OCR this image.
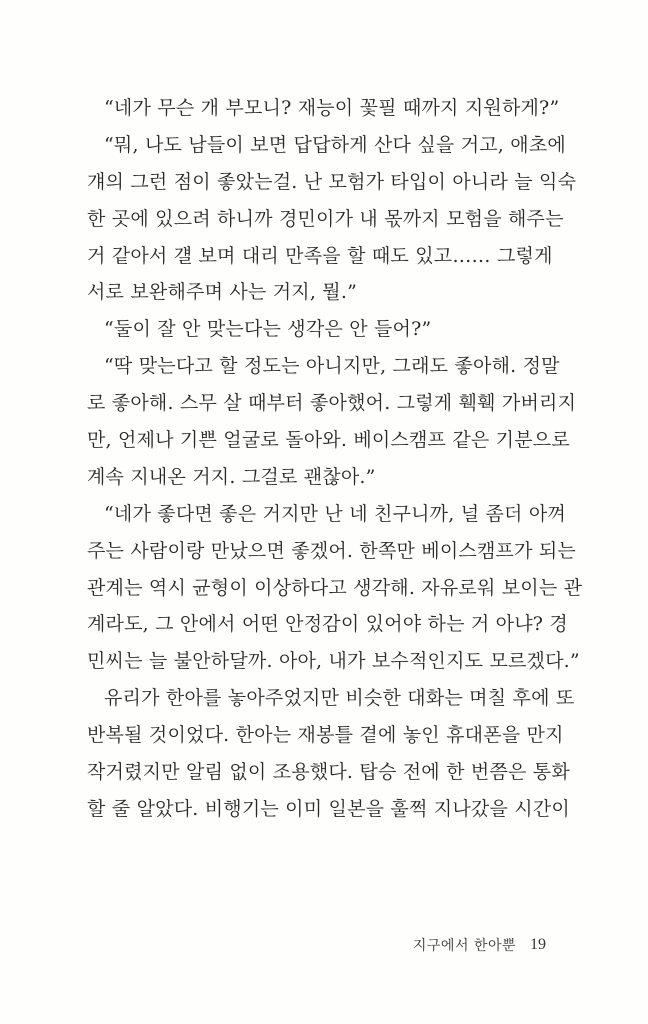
“네가 무슨 개 부모니? 재능이 꽃필 때까지 지원하게?”
“뭐, 나도 남들이 보면 답답하게 산다 싶을 거고, 애초에
걔의 그런 점이 좋았는걸. 난 모험가 타입이 아니라 늘 익숙
한 곳에 있으려 하니까 경민이가 내 몫까지 모험을 해주는
거 같아서 걜 보며 대리 만족을 할 때도 있고…… 그렇게
서로 보완해주며 사는 거지, 뭘.”
“둘이 잘 안 맞는다는 생각은 안 들어?”
“딱 맞는다고 할 정도는 아니지만, 그래도 좋아해. 정말
로 좋아해. 스무 살 때부터 좋아했어. 그렇게 훽훽 가버리지
만, 언제나 기쁜 얼굴로 돌아와. 베이스캠프 같은 기분으로
계속 지내온 거지. 그걸로 괜찮아.”
“네가 좋다면 좋은 거지만 난 네 친구니까, 널 좀더 아껴
주는 사람이랑 만났으면 좋겠어. 한쪽만 베이스캠프가 되는
관계는 역시 균형이 이상하다고 생각해. 자유로워 보이는 관
계라도, 그 안에서 어떤 안정감이 있어야 하는 거 아냐? 경
민씨는 늘 불안하달까. 아아, 내가 보수적인지도 모르겠다.”
유리가 한아를 놓아주었지만 비슷한 대화는 며칠 후에 또
반복될 것이었다. 한아는 재봉틀 곁에 놓인 휴대폰을 만지
작거렸지만 알림 없이 조용했다. 탑승 전에 한 번쯤은 통화
할 줄 알았다. 비행기는 이미 일본을 훌쩍 지나갔을 시간이
지구에서 한아뿐 19
